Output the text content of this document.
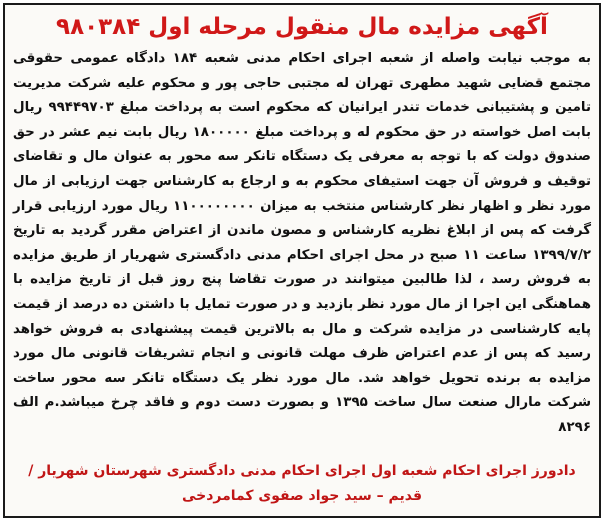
آگهی مزایده مال منقول مرحله اول ۹۸۰۳۸۴
به موجب نیابت واصله از شعبه اجرای احکام مدنی شعبه ۱۸۴ دادگاه عمومی حقوقی مجتمع قضایی شهید مطهری تهران له مجتبی حاجی پور و محکوم علیه شرکت مدیریت تامین و پشتیبانی خدمات تندر ایرانیان که محکوم است به پرداخت مبلغ ۹۹۴۴۹۷۰۳ ریال بابت اصل خواسته در حق محکوم له و پرداخت مبلغ ۱۸۰۰۰۰۰ ریال بابت نیم عشر در حق صندوق دولت که با توجه به معرفی یک دستگاه تانکر سه محور به عنوان مال و تقاضای توقیف و فروش آن جهت استیفای محکوم به و ارجاع به کارشناس جهت ارزیابی از مال مورد نظر و اظهار نظر کارشناس منتخب به میزان ۱۱۰۰۰۰۰۰۰۰ ریال مورد ارزیابی قرار گرفت که پس از ابلاغ نظریه کارشناس و مصون ماندن از اعتراض مقرر گردید به تاریخ ۱۳۹۹/۷/۲ ساعت ۱۱ صبح در محل اجرای احکام مدنی دادگستری شهریار از طریق مزایده به فروش رسد ، لذا طالبین میتوانند در صورت تقاضا پنج روز قبل از تاریخ مزایده با هماهنگی این اجرا از مال مورد نظر بازدید و در صورت تمایل با داشتن ده درصد از قیمت پایه کارشناسی در مزایده شرکت و مال به بالاترین قیمت پیشنهادی به فروش خواهد رسید که پس از عدم اعتراض ظرف مهلت قانونی و انجام تشریفات قانونی مال مورد مزایده به برنده تحویل خواهد شد. مال مورد نظر یک دستگاه تانکر سه محور ساخت شرکت مارال صنعت سال ساخت ۱۳۹۵ و بصورت دست دوم و فاقد چرخ میباشد.م الف ۸۲۹۶
دادورز اجرای احکام شعبه اول اجرای احکام مدنی دادگستری شهرستان شهریار / قدیم – سید جواد صفوی کمامردخی
